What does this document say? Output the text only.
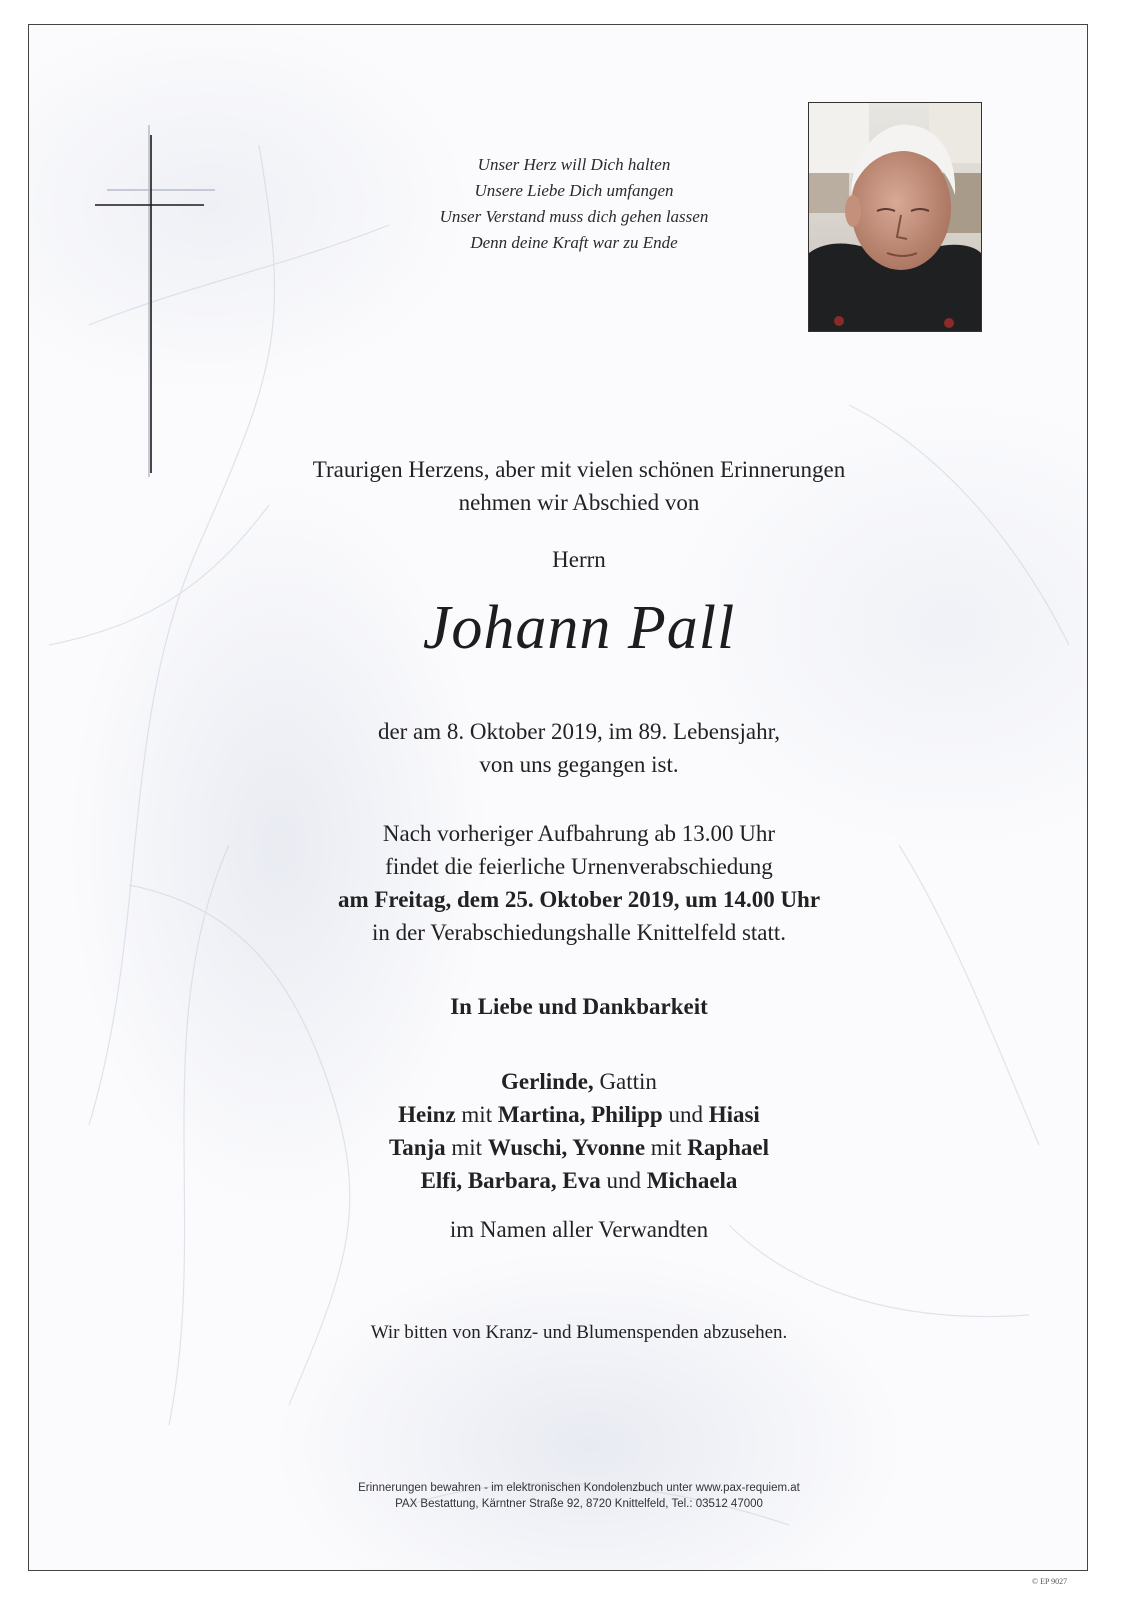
Unser Herz will Dich halten
Unsere Liebe Dich umfangen
Unser Verstand muss dich gehen lassen
Denn deine Kraft war zu Ende
Traurigen Herzens, aber mit vielen schönen Erinnerungen
nehmen wir Abschied von
Herrn
Johann Pall
der am 8. Oktober 2019, im 89. Lebensjahr,
von uns gegangen ist.
Nach vorheriger Aufbahrung ab 13.00 Uhr
findet die feierliche Urnenverabschiedung
am Freitag, dem 25. Oktober 2019, um 14.00 Uhr
in der Verabschiedungshalle Knittelfeld statt.
In Liebe und Dankbarkeit
Gerlinde, Gattin
Heinz mit Martina, Philipp und Hiasi
Tanja mit Wuschi, Yvonne mit Raphael
Elfi, Barbara, Eva und Michaela
im Namen aller Verwandten
Wir bitten von Kranz- und Blumenspenden abzusehen.
Erinnerungen bewahren - im elektronischen Kondolenzbuch unter www.pax-requiem.at
PAX Bestattung, Kärntner Straße 92, 8720 Knittelfeld, Tel.: 03512 47000
© EP 9027
